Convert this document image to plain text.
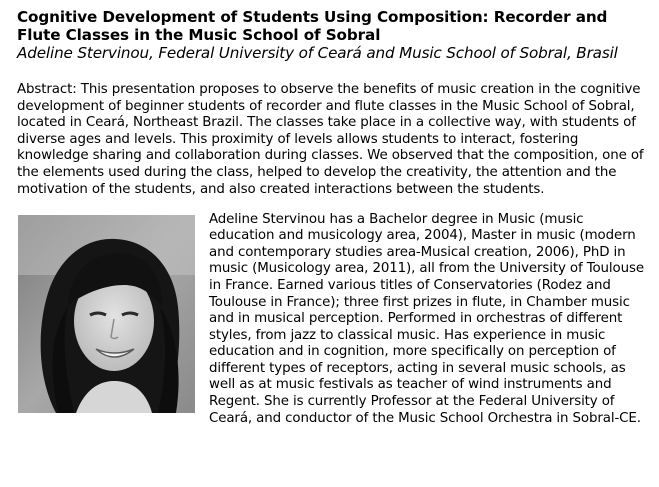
Cognitive Development of Students Using Composition: Recorder and Flute Classes in the Music School of Sobral

Adeline Stervinou, Federal University of Ceará and Music School of Sobral, Brasil

Abstract: This presentation proposes to observe the benefits of music creation in the cognitive development of beginner students of recorder and flute classes in the Music School of Sobral, located in Ceará, Northeast Brazil. The classes take place in a collective way, with students of diverse ages and levels. This proximity of levels allows students to interact, fostering knowledge sharing and collaboration during classes. We observed that the composition, one of the elements used during the class, helped to develop the creativity, the attention and the motivation of the students, and also created interactions between the students.

Adeline Stervinou has a Bachelor degree in Music (music education and musicology area, 2004), Master in music (modern and contemporary studies area-Musical creation, 2006), PhD in music (Musicology area, 2011), all from the University of Toulouse in France. Earned various titles of Conservatories (Rodez and Toulouse in France); three first prizes in flute, in Chamber music and in musical perception. Performed in orchestras of different styles, from jazz to classical music. Has experience in music education and in cognition, more specifically on perception of different types of receptors, acting in several music schools, as well as at music festivals as teacher of wind instruments and Regent. She is currently Professor at the Federal University of Ceará, and conductor of the Music School Orchestra in Sobral-CE.
